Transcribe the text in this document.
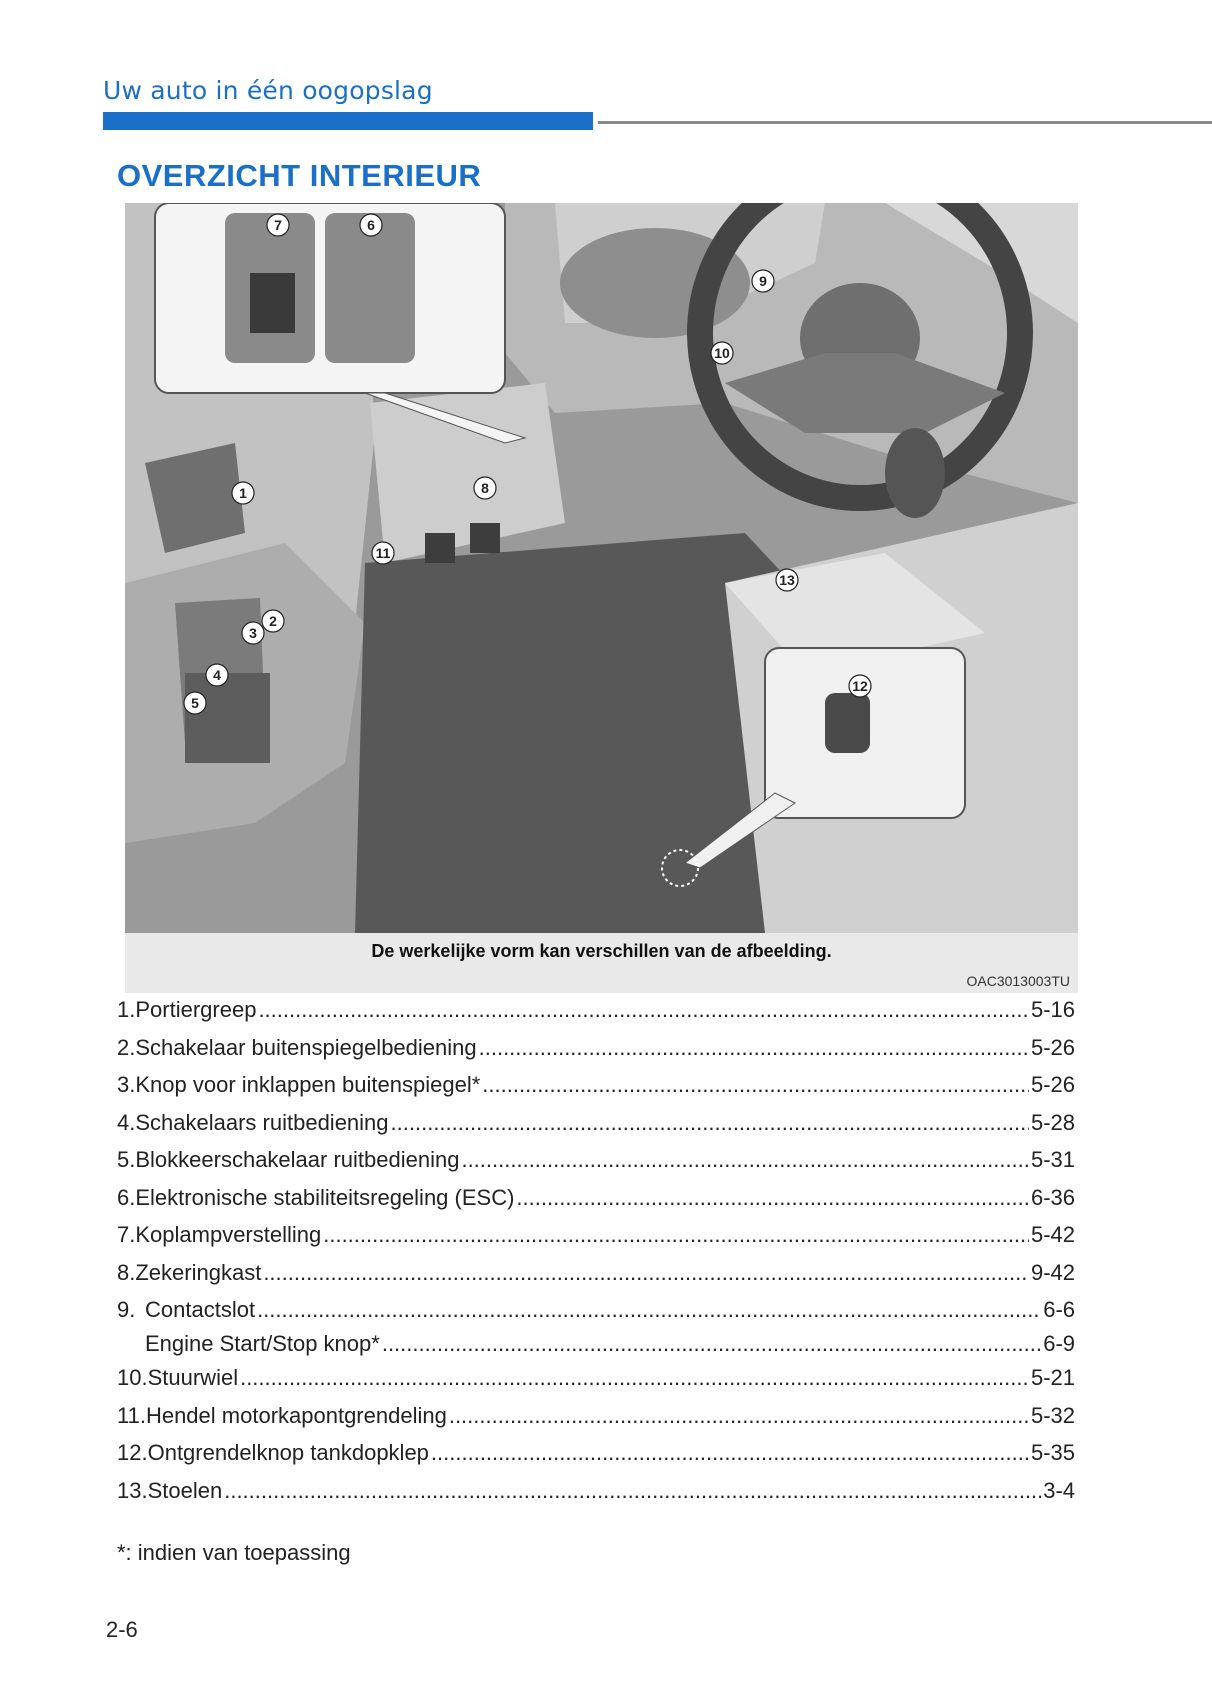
Uw auto in één oogopslag
OVERZICHT INTERIEUR
1
2
3
4
5
6
7
8
9
10
11
12
13
De werkelijke vorm kan verschillen van de afbeelding.
OAC3013003TU
1. Portiergreep .....	5-16
2. Schakelaar buitenspiegelbediening .....	5-26
3. Knop voor inklappen buitenspiegel* .....	5-26
4. Schakelaars ruitbediening .....	5-28
5. Blokkeerschakelaar ruitbediening .....	5-31
6. Elektronische stabiliteitsregeling (ESC) .....	6-36
7. Koplampverstelling .....	5-42
8. Zekeringkast .....	9-42
9. Contactslot .....	6-6
Engine Start/Stop knop* .....	6-9
10. Stuurwiel .....	5-21
11. Hendel motorkapontgrendeling .....	5-32
12. Ontgrendelknop tankdopklep .....	5-35
13. Stoelen .....	3-4
*: indien van toepassing
2-6
